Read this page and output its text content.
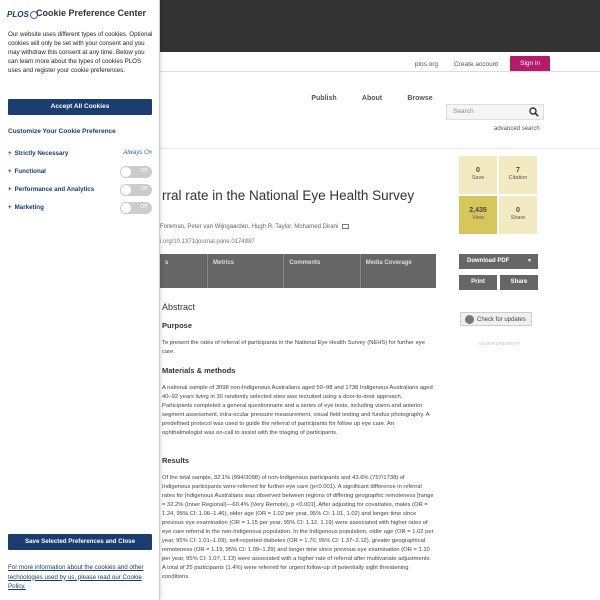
plos.org	Create account	Sign in
Publish	About	Browse
Search
advanced search
rral rate in the National Eye Health Survey
Foreman, Peter van Wijngaarden, Hugh R. Taylor, Mohamed Dirani
i.org/10.1371/journal.pone.0174887
s	Metrics	Comments	Media Coverage
Abstract
Purpose
To present the rates of referral of participants in the National Eye Health Survey (NEHS) for further eye care.
Materials & methods
A national sample of 3098 non-Indigenous Australians aged 50–98 and 1738 Indigenous Australians aged 40–92 years living in 30 randomly selected sites was recruited using a door-to-door approach. Participants completed a general questionnaire and a series of eye tests, including vision and anterior segment assessment, intra-ocular pressure measurement, visual field testing and fundus photography. A predefined protocol was used to guide the referral of participants for follow up eye care. An ophthalmologist was on-call to assist with the triaging of participants.
Results
Of the total sample, 32.1% (994/3098) of non-Indigenous participants and 43.6% (757/1738) of Indigenous participants were referred for further eye care (p<0.001). A significant difference in referral rates for Indigenous Australians was observed between regions of differing geographic remoteness [range = 32.2% (Inner Regional)—60.4% (Very Remote), p <0.001]. After adjusting for covariates, males (OR = 1.24, 95% CI: 1.06–1.46), older age (OR = 1.02 per year, 95% CI: 1.01, 1.02) and longer time since previous eye examination (OR = 1.15 per year, 95% CI: 1.12, 1.19) were associated with higher rates of eye care referral in the non-Indigenous population. In the Indigenous population, older age (OR = 1.02 per year, 95% CI: 1.01–1.03), self-reported diabetes (OR = 1.70, 95% CI: 1.37–2.12), greater geographical remoteness (OR = 1.19, 95% CI: 1.09–1.29) and longer time since previous eye examination (OR = 1.10 per year, 95% CI: 1.07, 1.13) were associated with a higher rate of referral after multivariate adjustments. A total of 25 participants (1.4%) were referred for urgent follow-up of potentially sight threatening conditions.
0
Save
7
Citation
2,435
View
0
Share
Download PDF	▼
Print	Share
Check for updates
ADVERTISEMENT
PLOS Cookie Preference Center
Our website uses different types of cookies. Optional cookies will only be set with your consent and you may withdraw this consent at any time. Below you can learn more about the types of cookies PLOS uses and register your cookie preferences.
Accept All Cookies
Customize Your Cookie Preference
+ Strictly Necessary	Always On
+ Functional	Off
+ Performance and Analytics	Off
+ Marketing	Off
Save Selected Preferences and Close
For more information about the cookies and other technologies used by us, please read our Cookie Policy.
